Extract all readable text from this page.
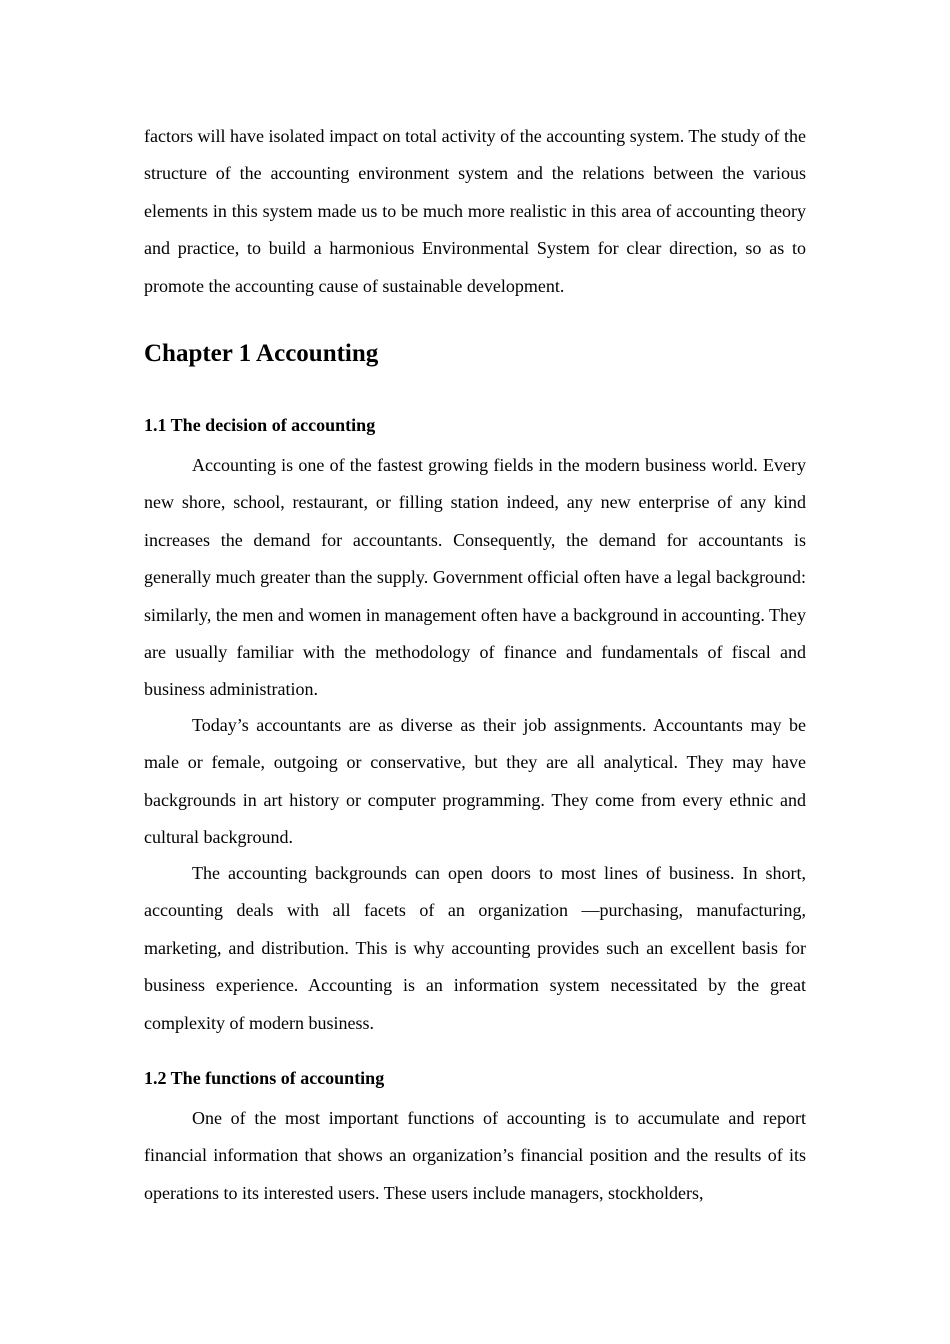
factors will have isolated impact on total activity of the accounting system. The study of the structure of the accounting environment system and the relations between the various elements in this system made us to be much more realistic in this area of accounting theory and practice, to build a harmonious Environmental System for clear direction, so as to promote the accounting cause of sustainable development.

Chapter 1 Accounting
1.1 The decision of accounting

Accounting is one of the fastest growing fields in the modern business world. Every new shore, school, restaurant, or filling station indeed, any new enterprise of any kind increases the demand for accountants. Consequently, the demand for accountants is generally much greater than the supply. Government official often have a legal background: similarly, the men and women in management often have a background in accounting. They are usually familiar with the methodology of finance and fundamentals of fiscal and business administration.

Today’s accountants are as diverse as their job assignments. Accountants may be male or female, outgoing or conservative, but they are all analytical. They may have backgrounds in art history or computer programming. They come from every ethnic and cultural background.

The accounting backgrounds can open doors to most lines of business. In short, accounting deals with all facets of an organization —purchasing, manufacturing, marketing, and distribution. This is why accounting provides such an excellent basis for business experience. Accounting is an information system necessitated by the great complexity of modern business.

1.2 The functions of accounting

One of the most important functions of accounting is to accumulate and report financial information that shows an organization’s financial position and the results of its operations to its interested users. These users include managers, stockholders,
